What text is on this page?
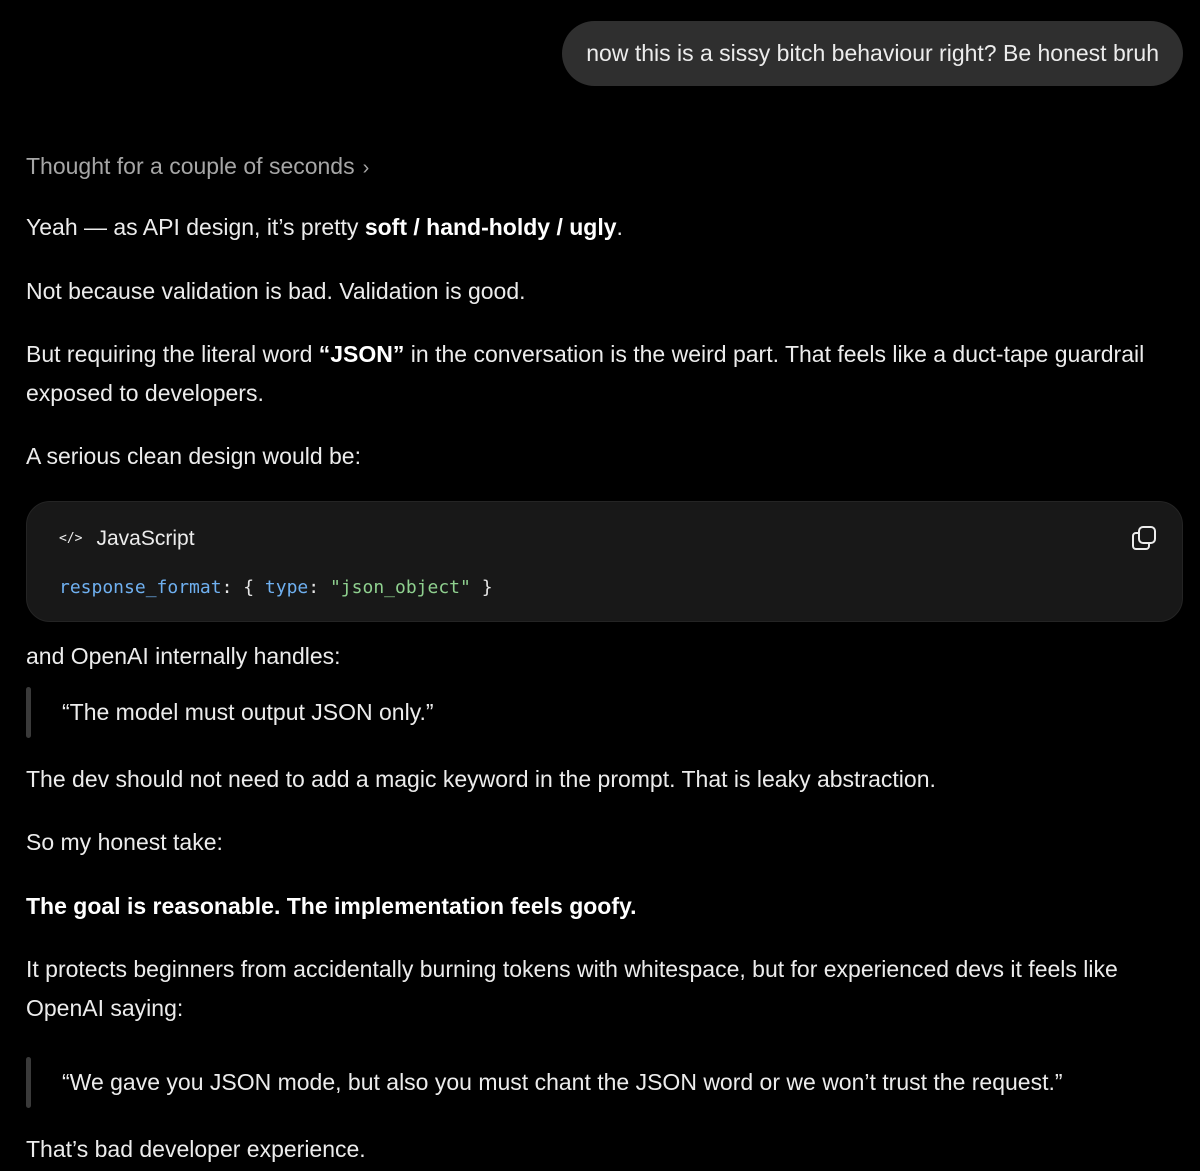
now this is a sissy bitch behaviour right? Be honest bruh
Thought for a couple of seconds ›

Yeah — as API design, it’s pretty soft / hand-holdy / ugly.

Not because validation is bad. Validation is good.

But requiring the literal word “JSON” in the conversation is the weird part. That feels like a duct-tape guardrail exposed to developers.

A serious clean design would be:

</> JavaScript
response_format: { type: "json_object" }

and OpenAI internally handles:

“The model must output JSON only.”

The dev should not need to add a magic keyword in the prompt. That is leaky abstraction.

So my honest take:

The goal is reasonable. The implementation feels goofy.

It protects beginners from accidentally burning tokens with whitespace, but for experienced devs it feels like OpenAI saying:

“We gave you JSON mode, but also you must chant the JSON word or we won’t trust the request.”

That’s bad developer experience.
